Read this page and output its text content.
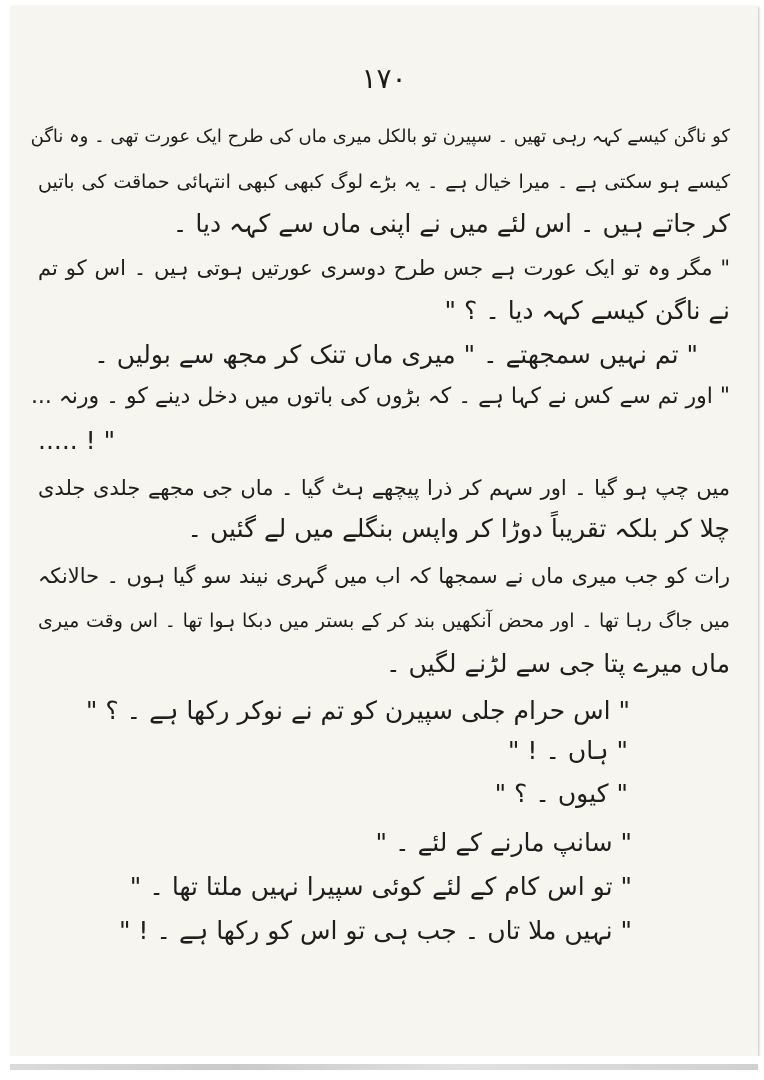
۱۷۰
کو ناگن کیسے کہہ رہی تھیں ۔ سپیرن تو بالکل میری ماں کی طرح ایک عورت تھی ۔ وہ ناگن
کیسے ہو سکتی ہے ۔ میرا خیال ہے ۔ یہ بڑے لوگ کبھی کبھی انتہائی حماقت کی باتیں
کر جاتے ہیں ۔ اس لئے میں نے اپنی ماں سے کہہ دیا ۔
" مگر وہ تو ایک عورت ہے جس طرح دوسری عورتیں ہوتی ہیں ۔ اس کو تم
نے ناگن کیسے کہہ دیا ۔ ؟ "
" تم نہیں سمجھتے ۔ " میری ماں تنک کر مجھ سے بولیں ۔
" اور تم سے کس نے کہا ہے ۔ کہ بڑوں کی باتوں میں دخل دینے کو ۔ ورنہ ...
..... ! "
میں چپ ہو گیا ۔ اور سہم کر ذرا پیچھے ہٹ گیا ۔ ماں جی مجھے جلدی جلدی
چلا کر بلکہ تقریباً دوڑا کر واپس بنگلے میں لے گئیں ۔
رات کو جب میری ماں نے سمجھا کہ اب میں گہری نیند سو گیا ہوں ۔ حالانکہ
میں جاگ رہا تھا ۔ اور محض آنکھیں بند کر کے بستر میں دبکا ہوا تھا ۔ اس وقت میری
ماں میرے پتا جی سے لڑنے لگیں ۔
" اس حرام جلی سپیرن کو تم نے نوکر رکھا ہے ۔ ؟ "
" ہاں ۔ ! "
" کیوں ۔ ؟ "
" سانپ مارنے کے لئے ۔ "
" تو اس کام کے لئے کوئی سپیرا نہیں ملتا تھا ۔ "
" نہیں ملا تاں ۔ جب ہی تو اس کو رکھا ہے ۔ ! "
